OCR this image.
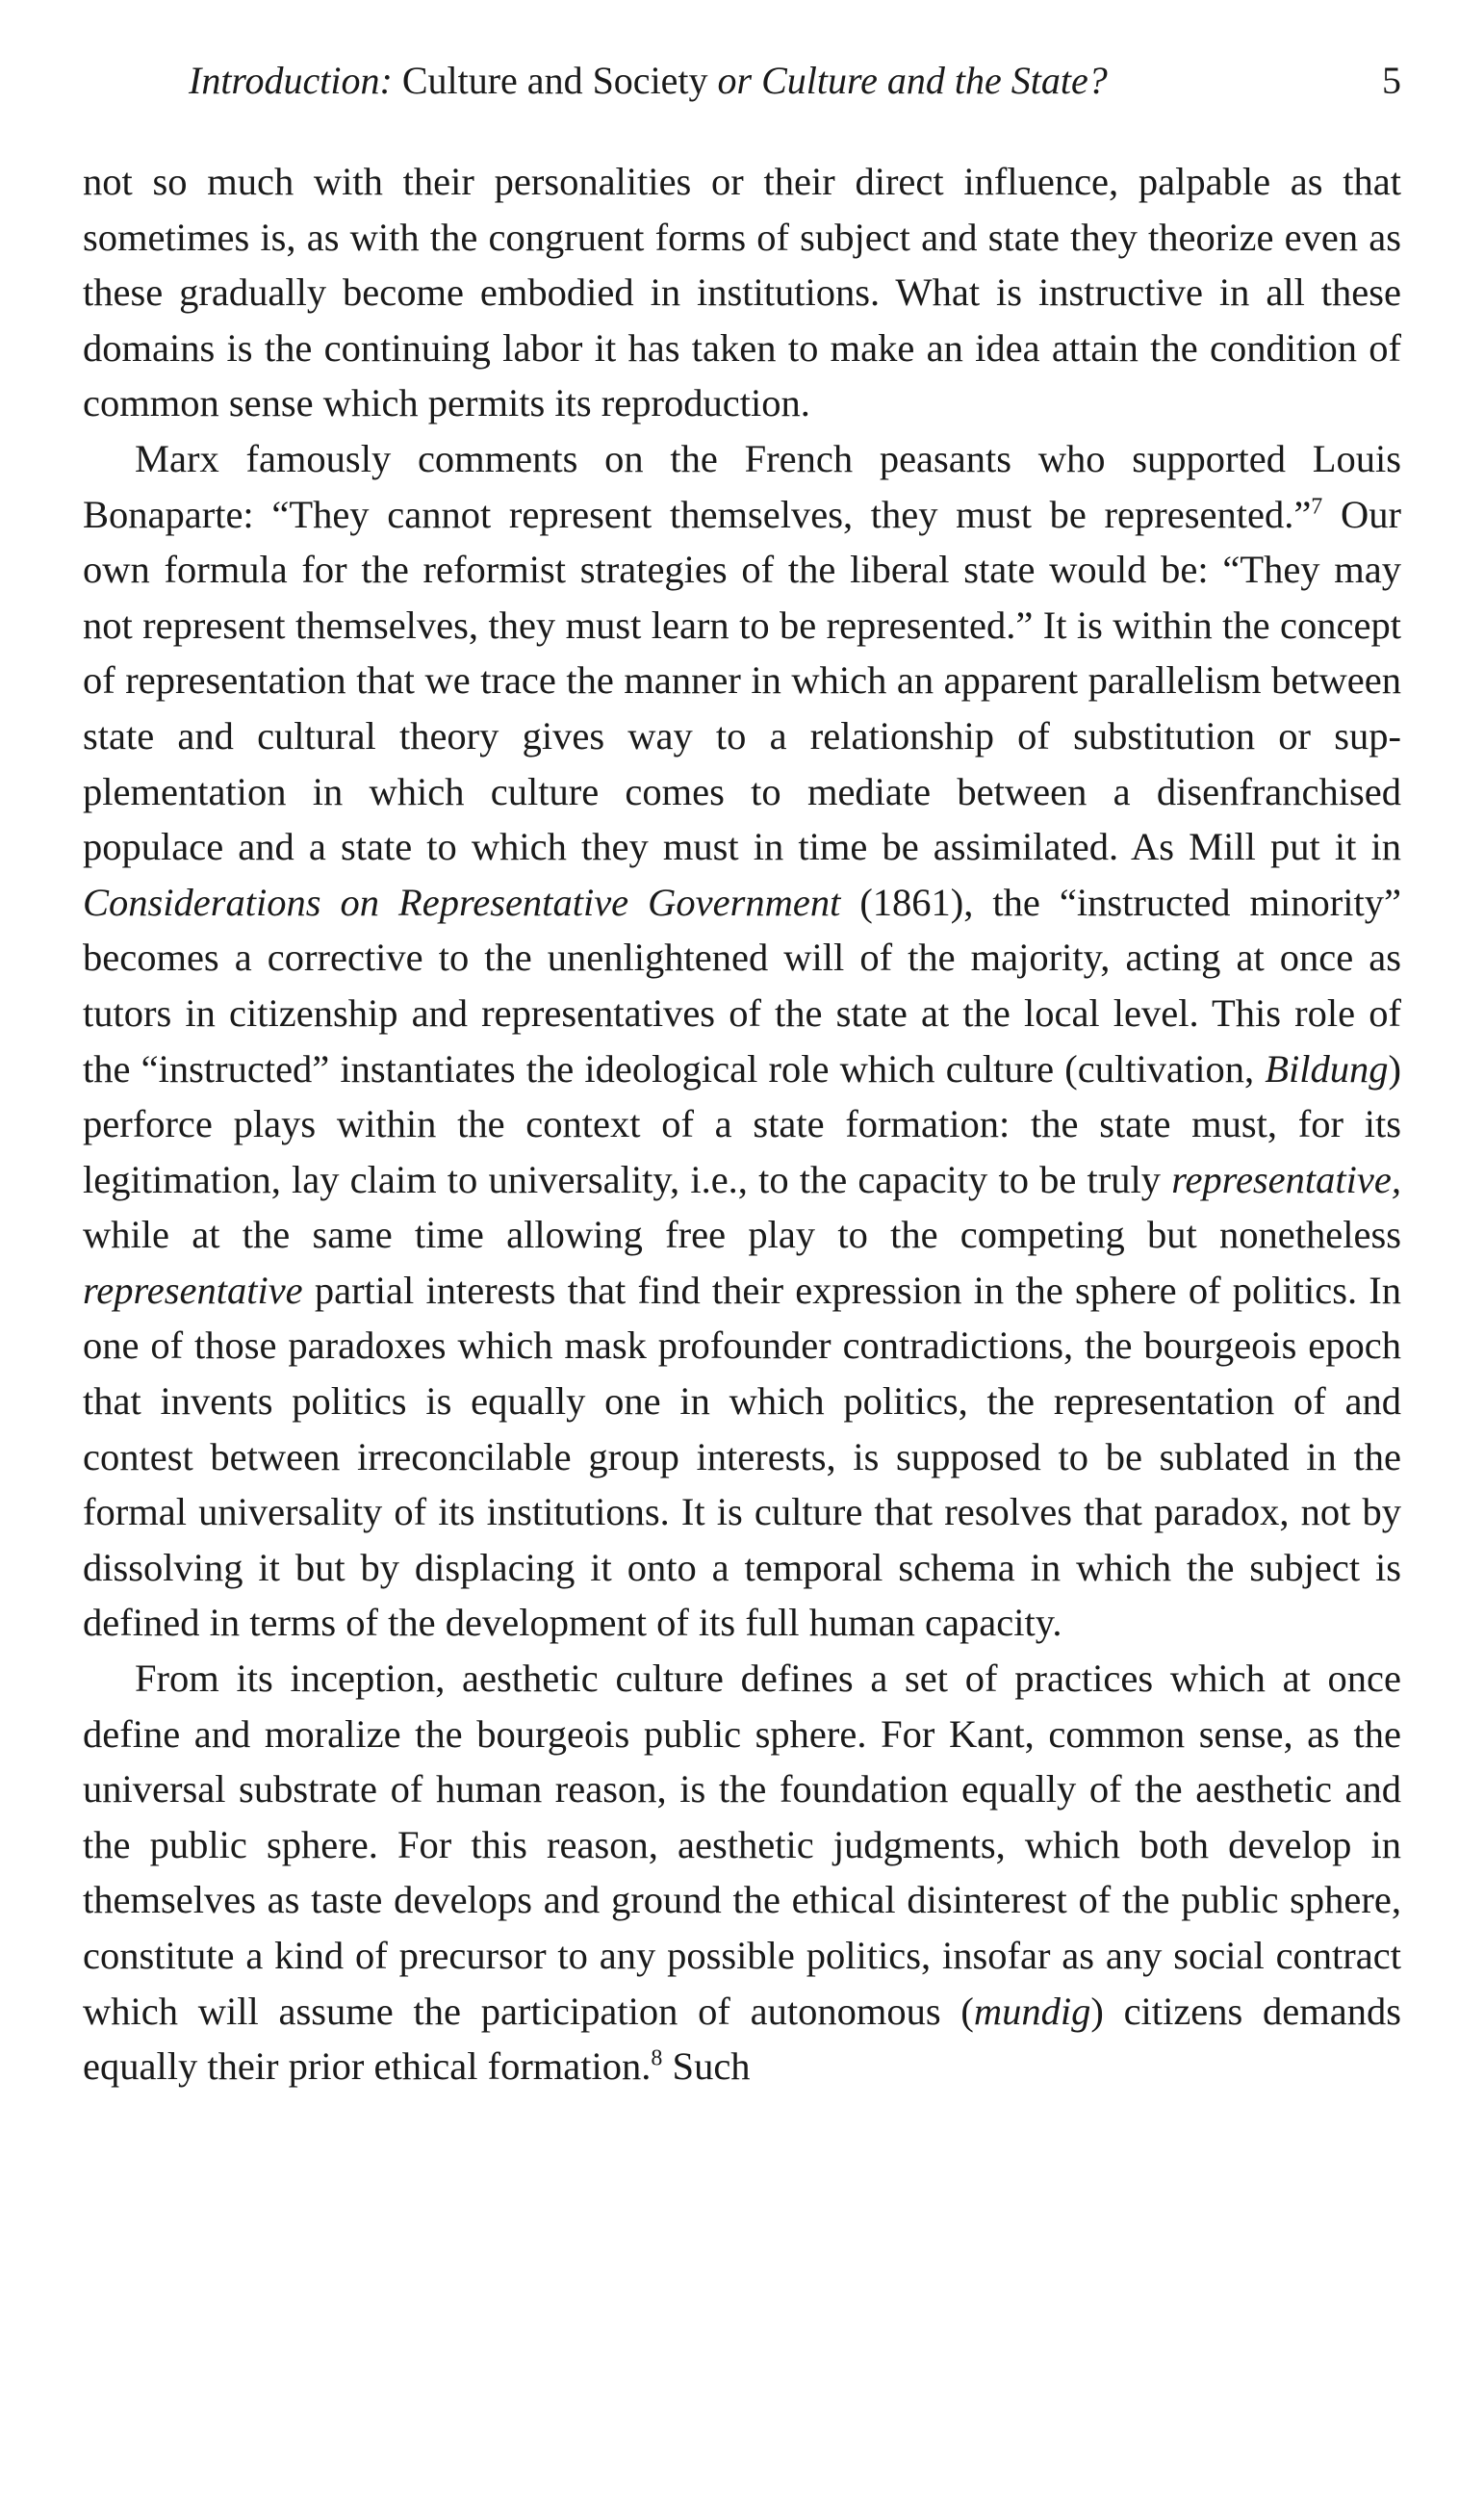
Introduction: Culture and Society or Culture and the State?	5

not so much with their personalities or their direct influence, palpable as that sometimes is, as with the congruent forms of subject and state they theorize even as these gradually become embodied in institutions. What is instructive in all these domains is the continuing labor it has taken to make an idea attain the condition of common sense which permits its reproduction.

Marx famously comments on the French peasants who supported Louis Bonaparte: “They cannot represent themselves, they must be represented.”$^7$ Our own formula for the reformist strategies of the liberal state would be: “They may not represent themselves, they must learn to be represented.” It is within the concept of representation that we trace the manner in which an apparent parallelism between state and cultural theory gives way to a relationship of substitution or supplementation in which culture comes to mediate between a disenfranchised populace and a state to which they must in time be assimilated. As Mill put it in Considerations on Representative Government (1861), the “instructed minority” becomes a corrective to the unenlightened will of the majority, acting at once as tutors in citizenship and representatives of the state at the local level. This role of the “instructed” instantiates the ideological role which culture (cultivation, Bildung) perforce plays within the context of a state formation: the state must, for its legitimation, lay claim to universality, i.e., to the capacity to be truly representative, while at the same time allowing free play to the competing but nonetheless representative partial interests that find their expression in the sphere of politics. In one of those paradoxes which mask profounder contradictions, the bourgeois epoch that invents politics is equally one in which politics, the representation of and contest between irreconcilable group interests, is supposed to be sublated in the formal universality of its institutions. It is culture that resolves that paradox, not by dissolving it but by displacing it onto a temporal schema in which the subject is defined in terms of the development of its full human capacity.

From its inception, aesthetic culture defines a set of practices which at once define and moralize the bourgeois public sphere. For Kant, common sense, as the universal substrate of human reason, is the foundation equally of the aesthetic and the public sphere. For this reason, aesthetic judgments, which both develop in themselves as taste develops and ground the ethical disinterest of the public sphere, constitute a kind of precursor to any possible politics, insofar as any social contract which will assume the participation of autonomous (mundig) citizens demands equally their prior ethical formation.$^8$ Such
